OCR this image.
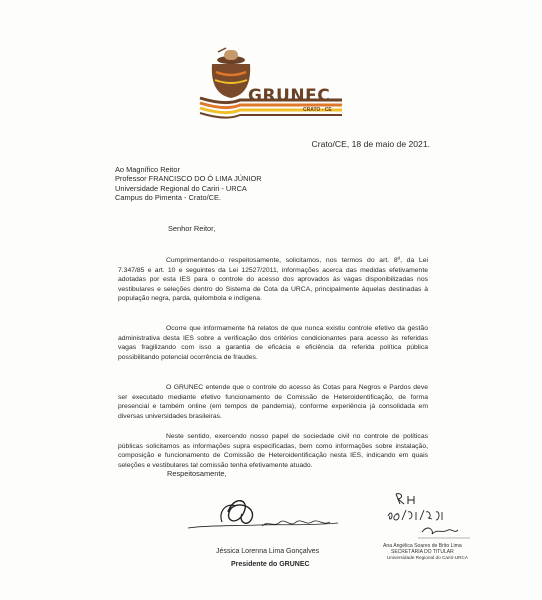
GRUNEC
CRATO - CE
Crato/CE, 18 de maio de 2021.
Ao Magnífico Reitor
Professor FRANCISCO DO Ó LIMA JÚNIOR
Universidade Regional do Cariri - URCA
Campus do Pimenta - Crato/CE.
Senhor Reitor,
Cumprimentando-o respeitosamente, solicitamos, nos termos do art. 8º, da Lei 7.347/85 e art. 10 e seguintes da Lei 12527/2011, informações acerca das medidas efetivamente adotadas por esta IES para o controle do acesso dos aprovados às vagas disponibilizadas nos vestibulares e seleções dentro do Sistema de Cota da URCA, principalmente àquelas destinadas à população negra, parda, quilombola e indígena.
Ocorre que informamente há relatos de que nunca existiu controle efetivo da gestão administrativa desta IES sobre a verificação dos critérios condicionantes para acesso às referidas vagas fragilizando com isso a garantia de eficácia e eficiência da referida política pública possibilitando potencial ocorrência de fraudes.
O GRUNEC entende que o controle do acesso às Cotas para Negros e Pardos deve ser executado mediante efetivo funcionamento de Comissão de Heteroidentificação, de forma presencial e também online (em tempos de pandemia), conforme experiência já consolidada em diversas universidades brasileiras.
Neste sentido, exercendo nosso papel de sociedade civil no controle de políticas públicas solicitamos as informações supra especificadas, bem como informações sobre instalação, composição e funcionamento de Comissão de Heteroidentificação nesta IES, indicando em quais seleções e vestibulares tal comissão tenha efetivamente atuado.
Respeitosamente,
Jéssica Lorenna Lima Gonçalves
Presidente do GRUNEC
Ana Angélica Soares de Brito Lima
SECRETÁRIA DO TITULAR
Universidade Regional do Cariri-URCA
